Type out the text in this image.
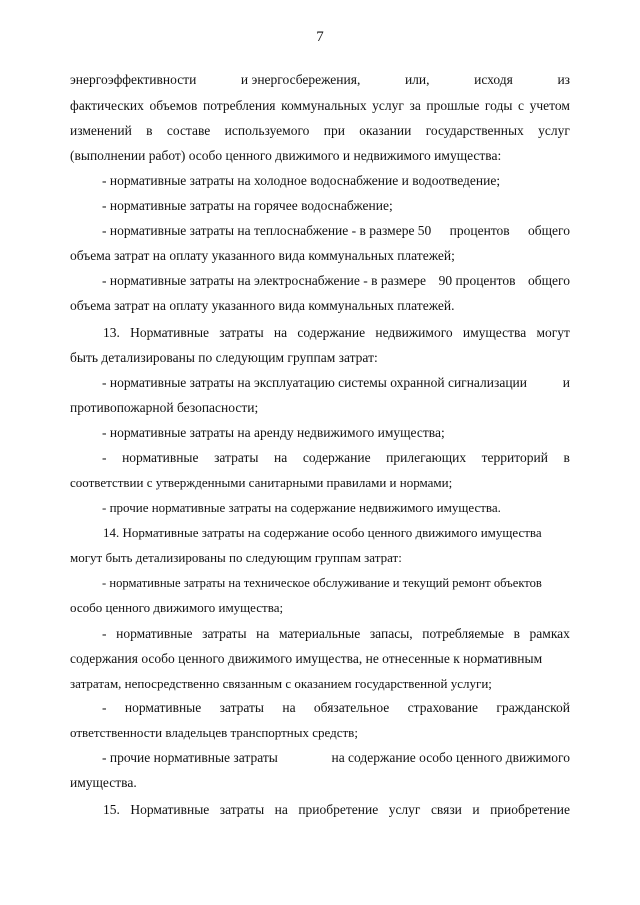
7
энергоэффективности	и энергосбережения,	или,	исходя	из
фактических объемов потребления коммунальных услуг за прошлые годы с учетом
изменений в составе используемого при оказании государственных услуг
(выполнении работ) особо ценного движимого и недвижимого имущества:
- нормативные затраты на холодное водоснабжение и водоотведение;
- нормативные затраты на горячее водоснабжение;
- нормативные затраты на теплоснабжение - в размере 50 процентов общего
объема затрат на оплату указанного вида коммунальных платежей;
- нормативные затраты на электроснабжение - в размере 90 процентов общего
объема затрат на оплату указанного вида коммунальных платежей.
13. Нормативные затраты на содержание недвижимого имущества могут
быть детализированы по следующим группам затрат:
- нормативные затраты на эксплуатацию системы охранной сигнализации	и
противопожарной безопасности;
- нормативные затраты на аренду недвижимого имущества;
- нормативные затраты на содержание прилегающих территорий в
соответствии с утвержденными санитарными правилами и нормами;
- прочие нормативные затраты на содержание недвижимого имущества.
14. Нормативные затраты на содержание особо ценного движимого имущества
могут быть детализированы по следующим группам затрат:
- нормативные затраты на техническое обслуживание и текущий ремонт объектов
особо ценного движимого имущества;
- нормативные затраты на материальные запасы, потребляемые в рамках
содержания особо ценного движимого имущества, не отнесенные к нормативным
затратам, непосредственно связанным с оказанием государственной услуги;
- нормативные затраты на обязательное страхование гражданской
ответственности владельцев транспортных средств;
- прочие нормативные затраты	на содержание особо ценного движимого
имущества.
15. Нормативные затраты на приобретение услуг связи и приобретение
